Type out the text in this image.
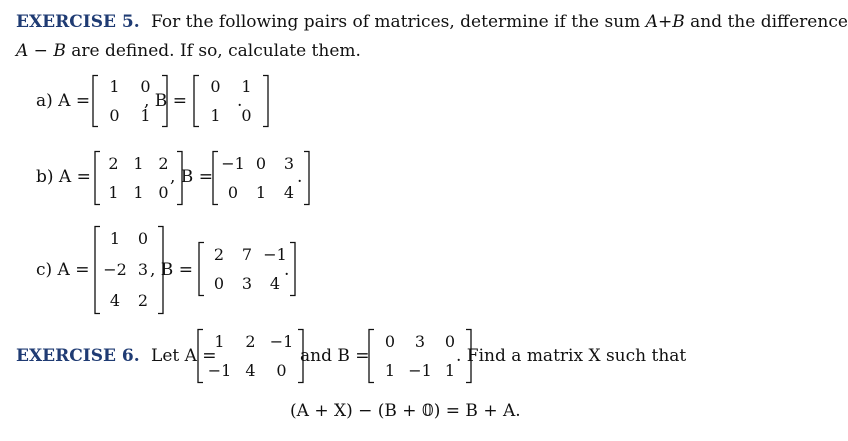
EXERCISE 5. For the following pairs of matrices, determine if the sum A+B and the difference
A − B are defined. If so, calculate them.
a) A =
1	0
0	1
, B =
0	1
1	0
.
b) A =
2 1 2
1 1 0
, B =
−1 0	3
0	1	4
.
c) A =
1	0
−2 3
4	2
, B =
2	7 −1
0	3	4
.
EXERCISE 6. Let A =
1	2 −1
−1 4	0
and B =
0	3	0
1 −1 1
. Find a matrix X such that
(A + X) − (B + 𝟘) = B + A.
